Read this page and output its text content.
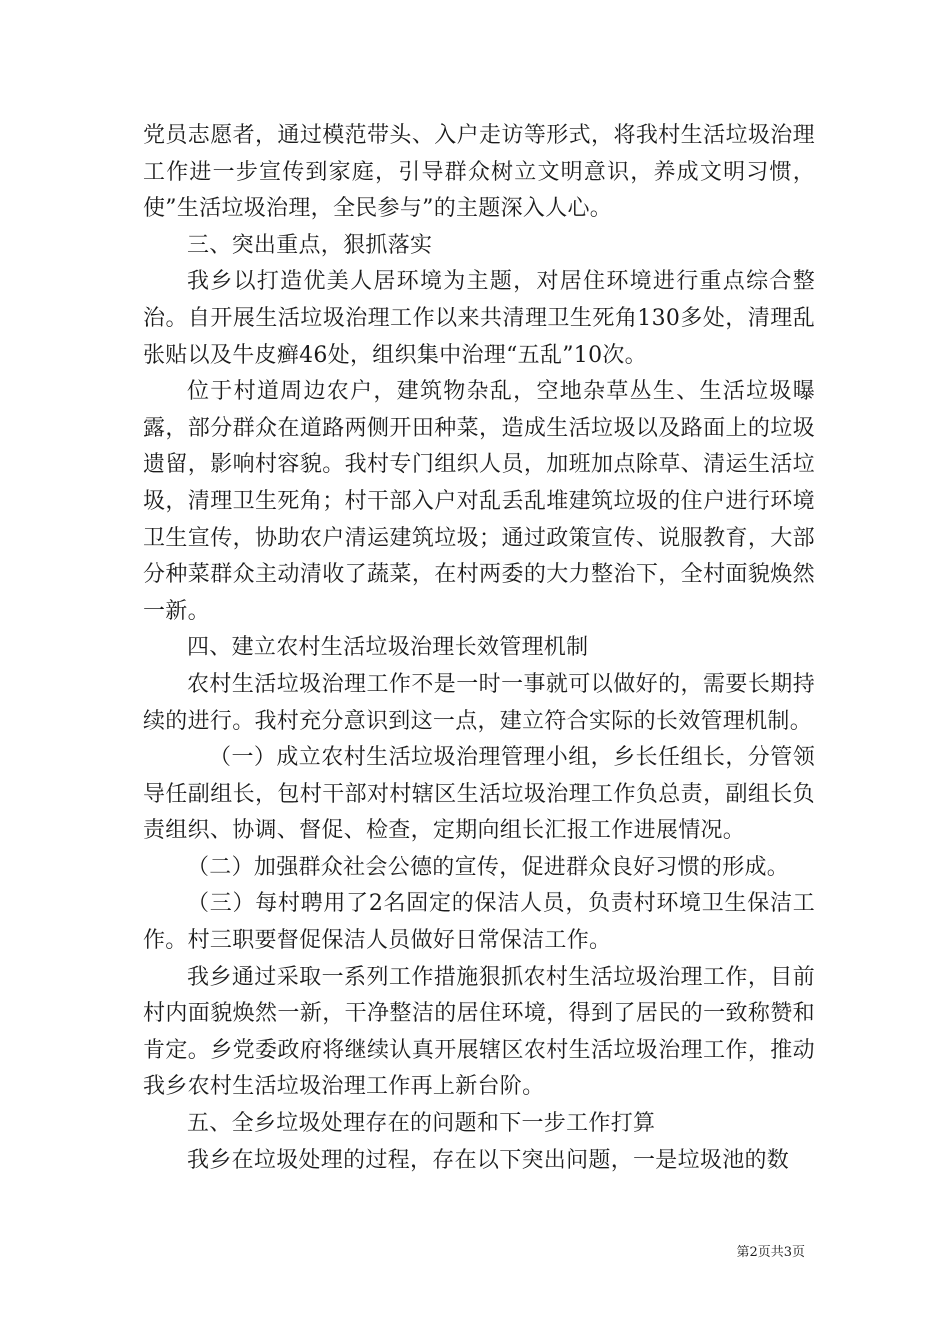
党员志愿者，通过模范带头、入户走访等形式，将我村生活垃圾治理工作进一步宣传到家庭，引导群众树立文明意识，养成文明习惯，使”生活垃圾治理，全民参与”的主题深入人心。

三、突出重点，狠抓落实

我乡以打造优美人居环境为主题，对居住环境进行重点综合整治。自开展生活垃圾治理工作以来共清理卫生死角130多处，清理乱张贴以及牛皮癣46处，组织集中治理“五乱”10次。

位于村道周边农户，建筑物杂乱，空地杂草丛生、生活垃圾曝露，部分群众在道路两侧开田种菜，造成生活垃圾以及路面上的垃圾遗留，影响村容貌。我村专门组织人员，加班加点除草、清运生活垃圾，清理卫生死角；村干部入户对乱丢乱堆建筑垃圾的住户进行环境卫生宣传，协助农户清运建筑垃圾；通过政策宣传、说服教育，大部分种菜群众主动清收了蔬菜，在村两委的大力整治下，全村面貌焕然一新。

四、建立农村生活垃圾治理长效管理机制

农村生活垃圾治理工作不是一时一事就可以做好的，需要长期持续的进行。我村充分意识到这一点，建立符合实际的长效管理机制。

（一）成立农村生活垃圾治理管理小组，乡长任组长，分管领导任副组长，包村干部对村辖区生活垃圾治理工作负总责，副组长负责组织、协调、督促、检查，定期向组长汇报工作进展情况。

（二）加强群众社会公德的宣传，促进群众良好习惯的形成。

（三）每村聘用了2名固定的保洁人员，负责村环境卫生保洁工作。村三职要督促保洁人员做好日常保洁工作。

我乡通过采取一系列工作措施狠抓农村生活垃圾治理工作，目前村内面貌焕然一新，干净整洁的居住环境，得到了居民的一致称赞和肯定。乡党委政府将继续认真开展辖区农村生活垃圾治理工作，推动我乡农村生活垃圾治理工作再上新台阶。

五、全乡垃圾处理存在的问题和下一步工作打算

我乡在垃圾处理的过程，存在以下突出问题，一是垃圾池的数

第2页共3页
